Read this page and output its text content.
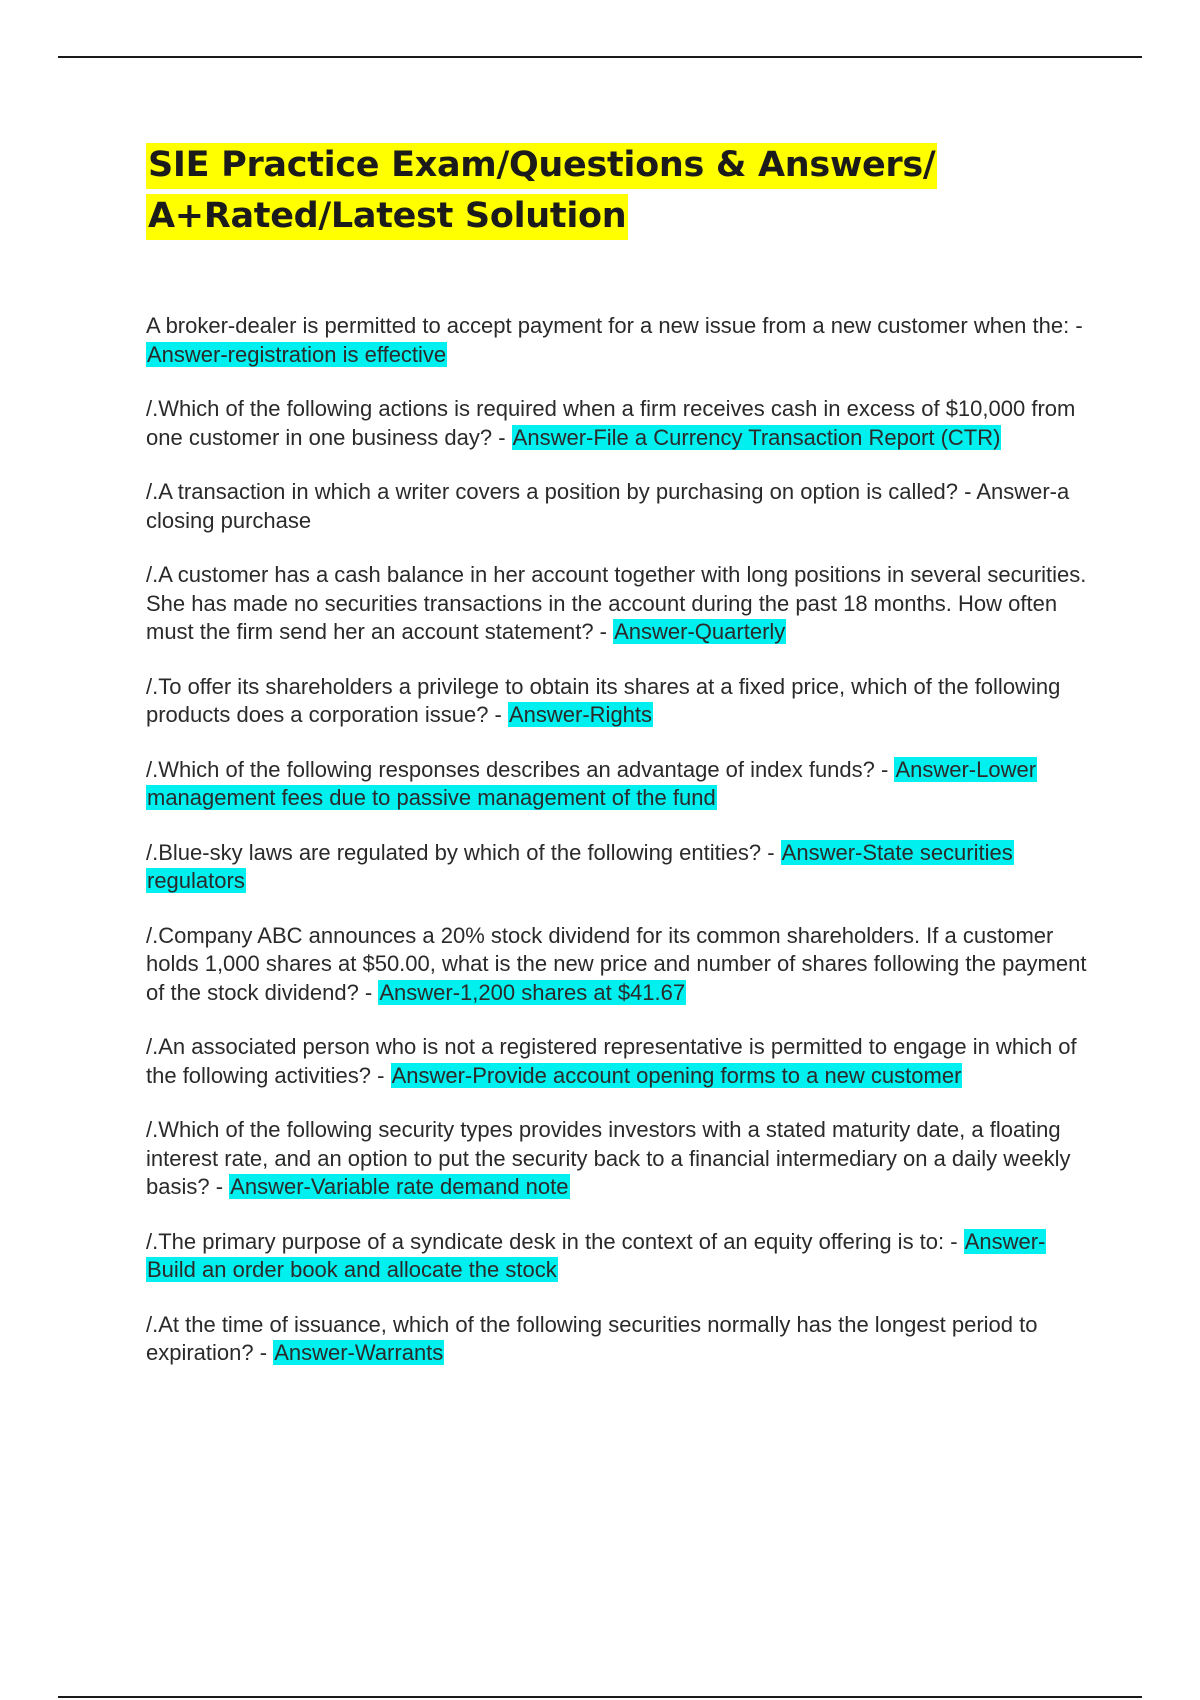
SIE Practice Exam/Questions & Answers/
A+Rated/Latest Solution

A broker-dealer is permitted to accept payment for a new issue from a new customer when the: - Answer-registration is effective

/.Which of the following actions is required when a firm receives cash in excess of $10,000 from one customer in one business day? - Answer-File a Currency Transaction Report (CTR)

/.A transaction in which a writer covers a position by purchasing on option is called? - Answer-a closing purchase

/.A customer has a cash balance in her account together with long positions in several securities. She has made no securities transactions in the account during the past 18 months. How often must the firm send her an account statement? - Answer-Quarterly

/.To offer its shareholders a privilege to obtain its shares at a fixed price, which of the following products does a corporation issue? - Answer-Rights

/.Which of the following responses describes an advantage of index funds? - Answer-Lower management fees due to passive management of the fund

/.Blue-sky laws are regulated by which of the following entities? - Answer-State securities regulators

/.Company ABC announces a 20% stock dividend for its common shareholders. If a customer holds 1,000 shares at $50.00, what is the new price and number of shares following the payment of the stock dividend? - Answer-1,200 shares at $41.67

/.An associated person who is not a registered representative is permitted to engage in which of the following activities? - Answer-Provide account opening forms to a new customer

/.Which of the following security types provides investors with a stated maturity date, a floating interest rate, and an option to put the security back to a financial intermediary on a daily weekly basis? - Answer-Variable rate demand note

/.The primary purpose of a syndicate desk in the context of an equity offering is to: - Answer-Build an order book and allocate the stock

/.At the time of issuance, which of the following securities normally has the longest period to expiration? - Answer-Warrants
